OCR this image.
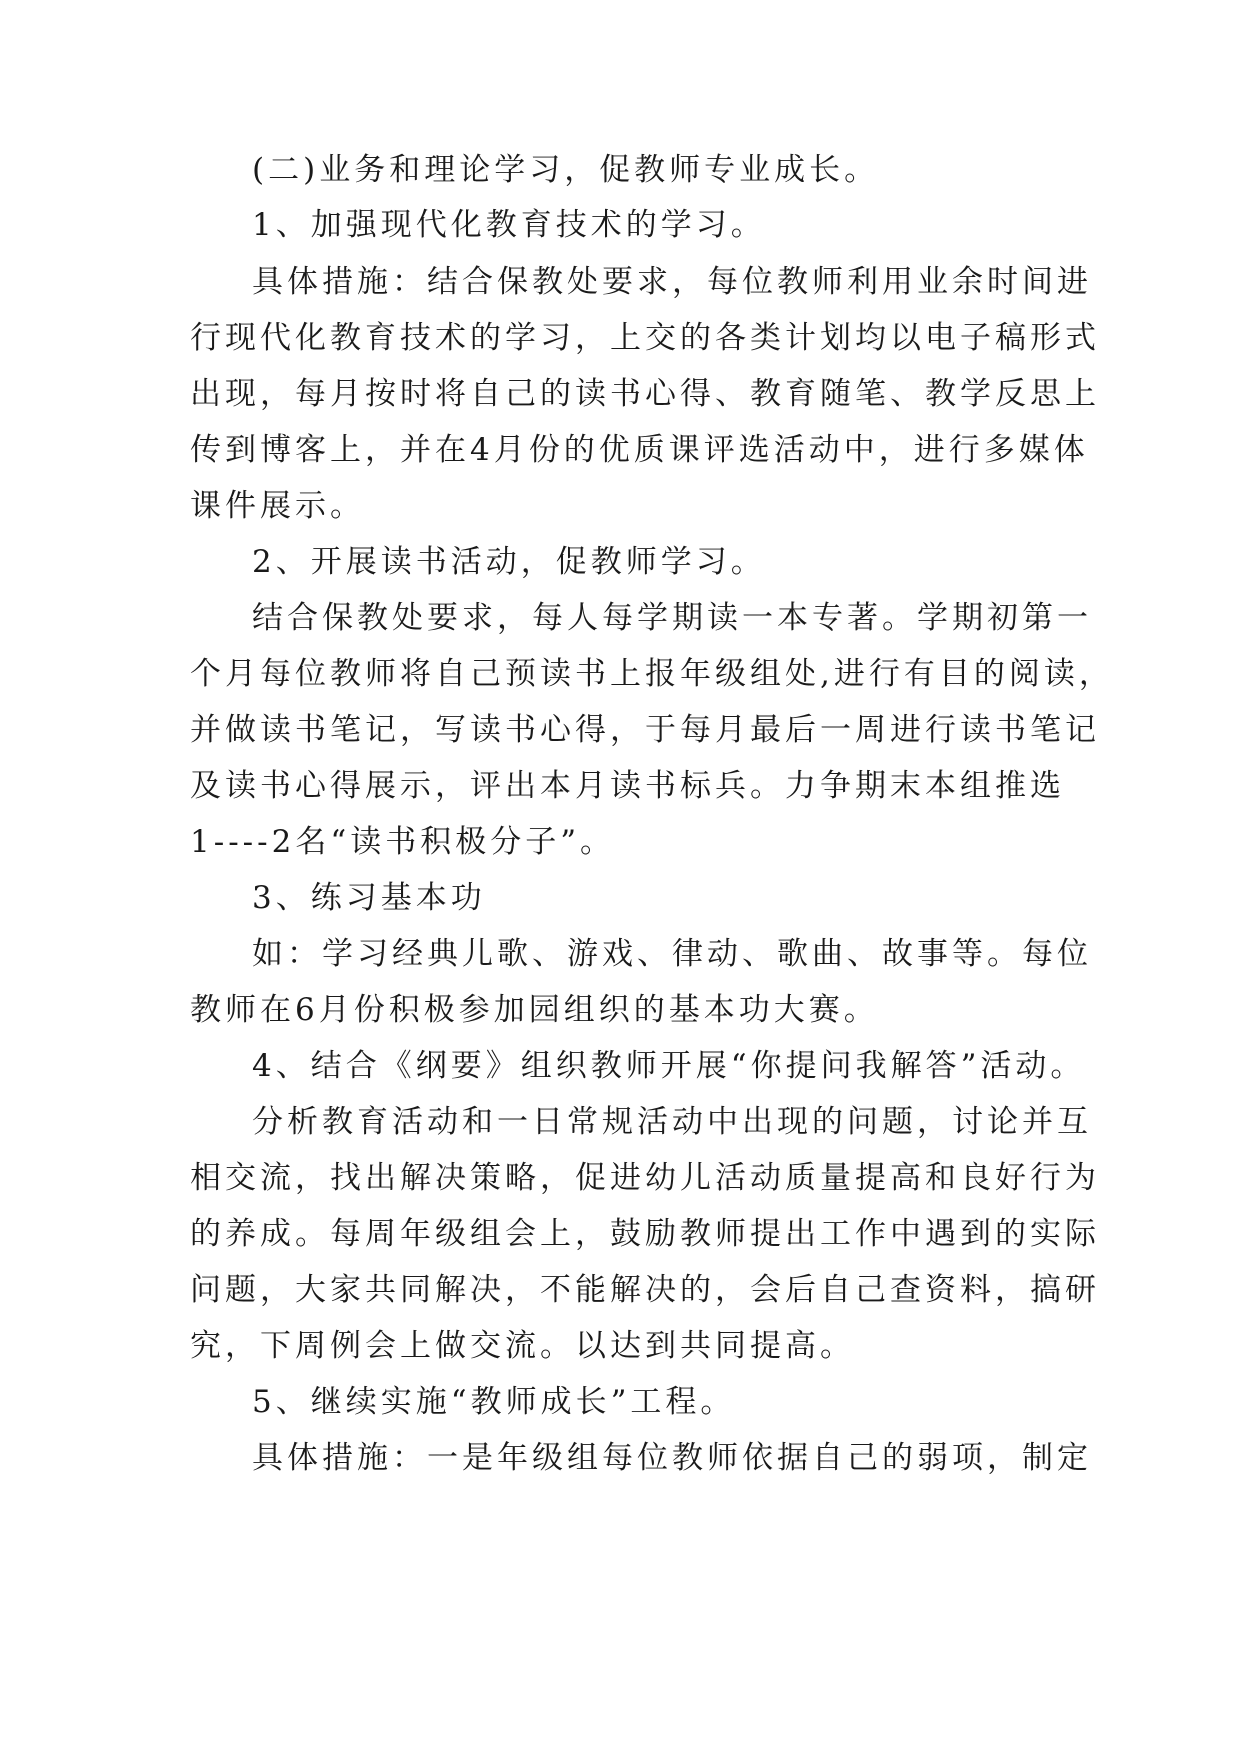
(二)业务和理论学习，促教师专业成长。
1、加强现代化教育技术的学习。
具体措施：结合保教处要求，每位教师利用业余时间进
行现代化教育技术的学习，上交的各类计划均以电子稿形式
出现，每月按时将自己的读书心得、教育随笔、教学反思上
传到博客上，并在4月份的优质课评选活动中，进行多媒体
课件展示。
2、开展读书活动，促教师学习。
结合保教处要求，每人每学期读一本专著。学期初第一
个月每位教师将自己预读书上报年级组处,进行有目的阅读，
并做读书笔记，写读书心得，于每月最后一周进行读书笔记
及读书心得展示，评出本月读书标兵。力争期末本组推选
1----2名“读书积极分子”。
3、练习基本功
如：学习经典儿歌、游戏、律动、歌曲、故事等。每位
教师在6月份积极参加园组织的基本功大赛。
4、结合《纲要》组织教师开展“你提问我解答”活动。
分析教育活动和一日常规活动中出现的问题，讨论并互
相交流，找出解决策略，促进幼儿活动质量提高和良好行为
的养成。每周年级组会上，鼓励教师提出工作中遇到的实际
问题，大家共同解决，不能解决的，会后自己查资料，搞研
究，下周例会上做交流。以达到共同提高。
5、继续实施“教师成长”工程。
具体措施：一是年级组每位教师依据自己的弱项，制定
